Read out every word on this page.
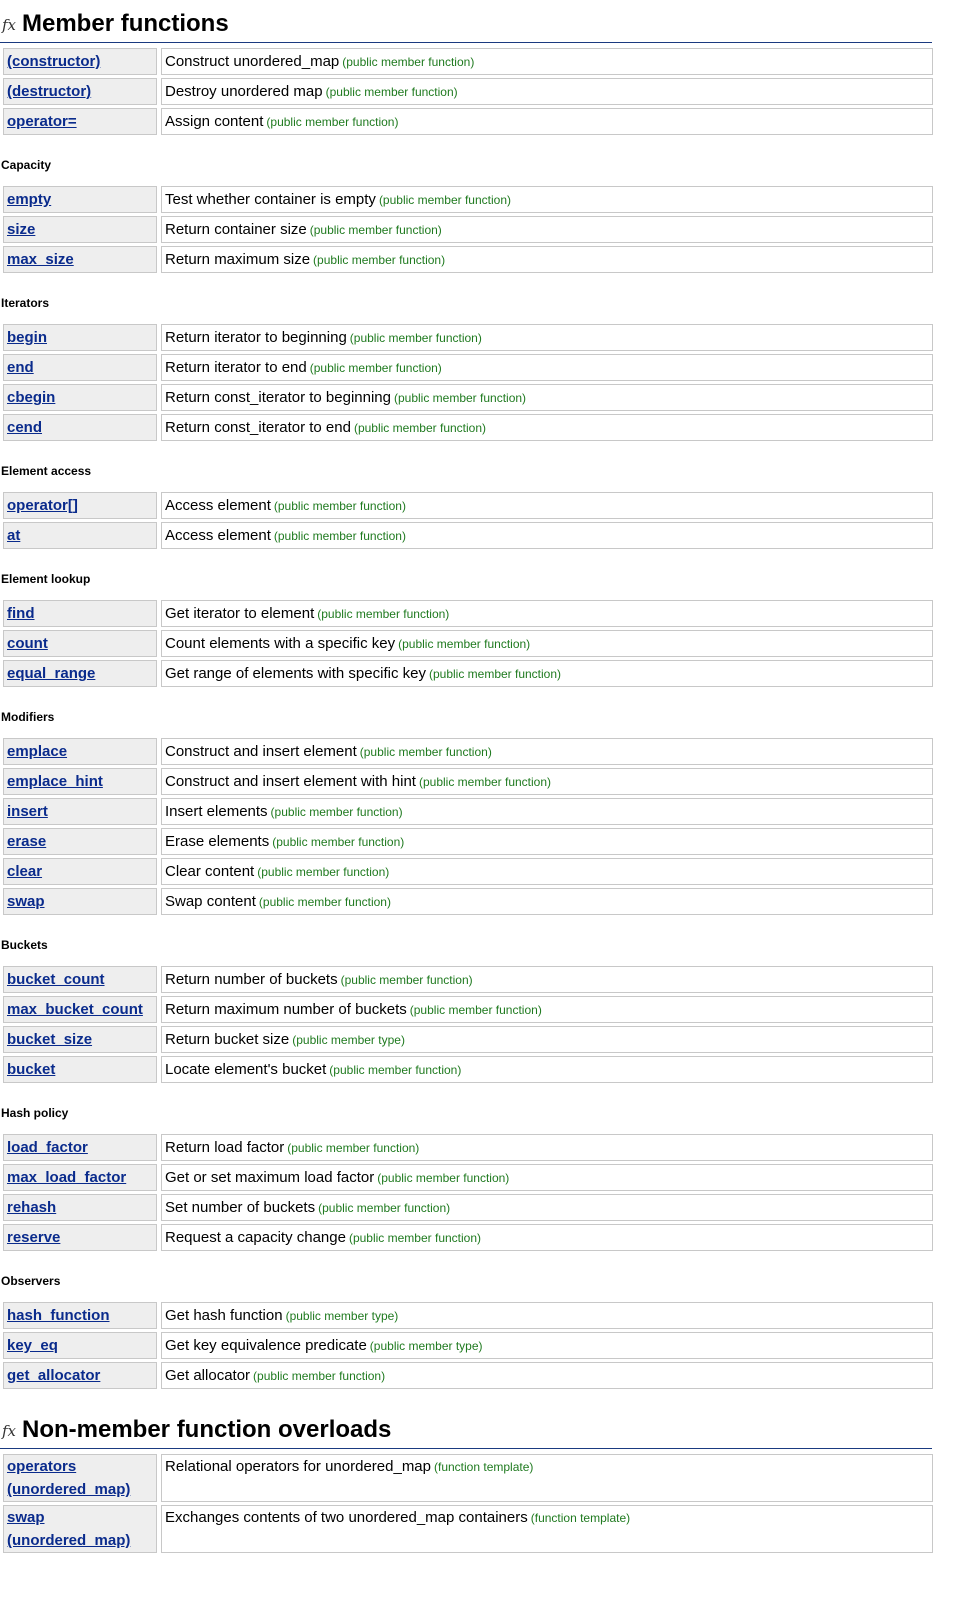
fx Member functions
(constructor)	Construct unordered_map (public member function)
(destructor)	Destroy unordered map (public member function)
operator=	Assign content (public member function)
Capacity
empty	Test whether container is empty (public member function)
size	Return container size (public member function)
max_size	Return maximum size (public member function)
Iterators
begin	Return iterator to beginning (public member function)
end	Return iterator to end (public member function)
cbegin	Return const_iterator to beginning (public member function)
cend	Return const_iterator to end (public member function)
Element access
operator[]	Access element (public member function)
at	Access element (public member function)
Element lookup
find	Get iterator to element (public member function)
count	Count elements with a specific key (public member function)
equal_range	Get range of elements with specific key (public member function)
Modifiers
emplace	Construct and insert element (public member function)
emplace_hint	Construct and insert element with hint (public member function)
insert	Insert elements (public member function)
erase	Erase elements (public member function)
clear	Clear content (public member function)
swap	Swap content (public member function)
Buckets
bucket_count	Return number of buckets (public member function)
max_bucket_count	Return maximum number of buckets (public member function)
bucket_size	Return bucket size (public member type)
bucket	Locate element's bucket (public member function)
Hash policy
load_factor	Return load factor (public member function)
max_load_factor	Get or set maximum load factor (public member function)
rehash	Set number of buckets (public member function)
reserve	Request a capacity change (public member function)
Observers
hash_function	Get hash function (public member type)
key_eq	Get key equivalence predicate (public member type)
get_allocator	Get allocator (public member function)
fx Non-member function overloads
operators
(unordered_map)	Relational operators for unordered_map (function template)
swap
(unordered_map)	Exchanges contents of two unordered_map containers (function template)
